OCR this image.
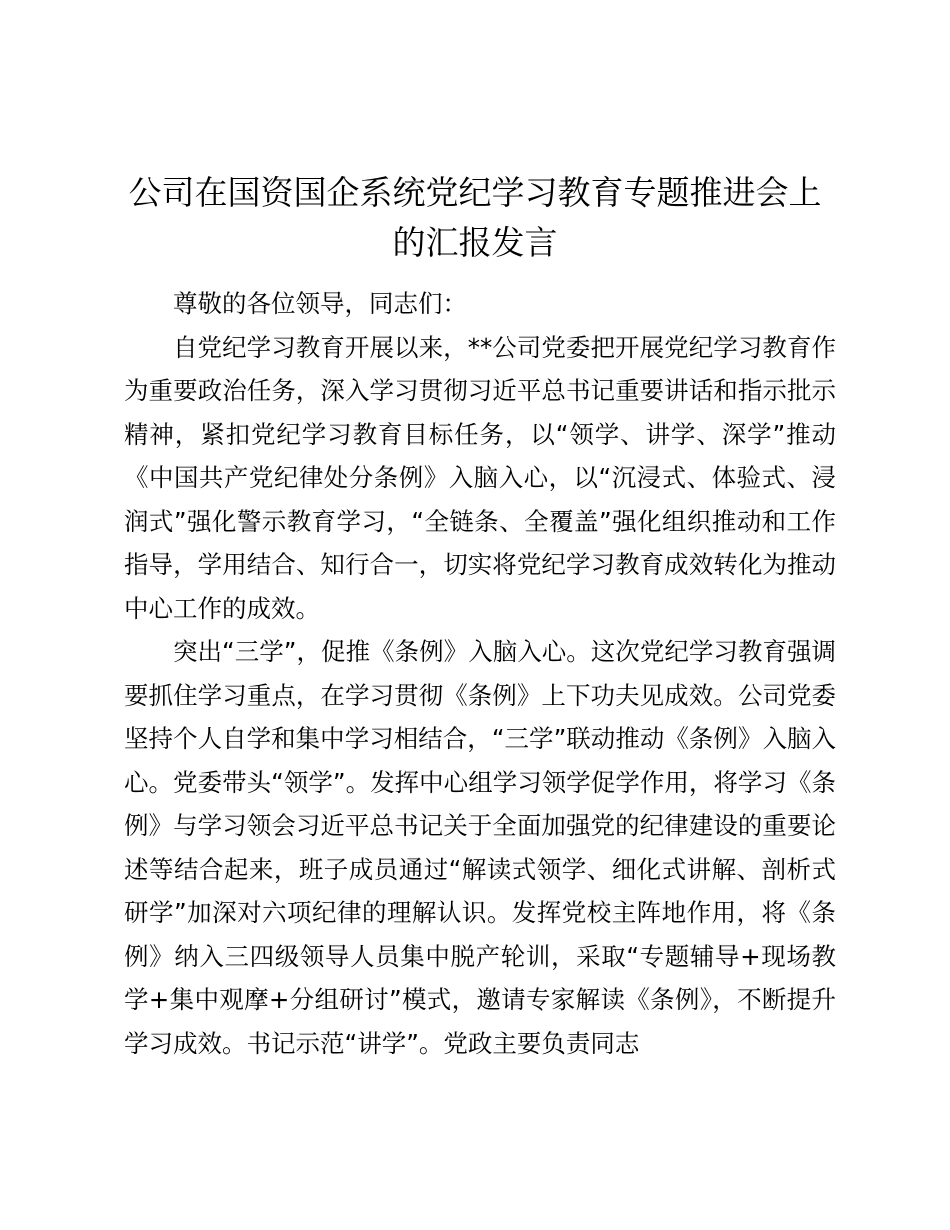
公司在国资国企系统党纪学习教育专题推进会上的汇报发言

尊敬的各位领导，同志们：

自党纪学习教育开展以来，**公司党委把开展党纪学习教育作为重要政治任务，深入学习贯彻习近平总书记重要讲话和指示批示精神，紧扣党纪学习教育目标任务，以“领学、讲学、深学”推动《中国共产党纪律处分条例》入脑入心，以“沉浸式、体验式、浸润式”强化警示教育学习，“全链条、全覆盖”强化组织推动和工作指导，学用结合、知行合一，切实将党纪学习教育成效转化为推动中心工作的成效。

突出“三学”，促推《条例》入脑入心。这次党纪学习教育强调要抓住学习重点，在学习贯彻《条例》上下功夫见成效。公司党委坚持个人自学和集中学习相结合，“三学”联动推动《条例》入脑入心。党委带头“领学”。发挥中心组学习领学促学作用，将学习《条例》与学习领会习近平总书记关于全面加强党的纪律建设的重要论述等结合起来，班子成员通过“解读式领学、细化式讲解、剖析式研学”加深对六项纪律的理解认识。发挥党校主阵地作用，将《条例》纳入三四级领导人员集中脱产轮训，采取“专题辅导+现场教学+集中观摩+分组研讨”模式，邀请专家解读《条例》，不断提升学习成效。书记示范“讲学”。党政主要负责同志
